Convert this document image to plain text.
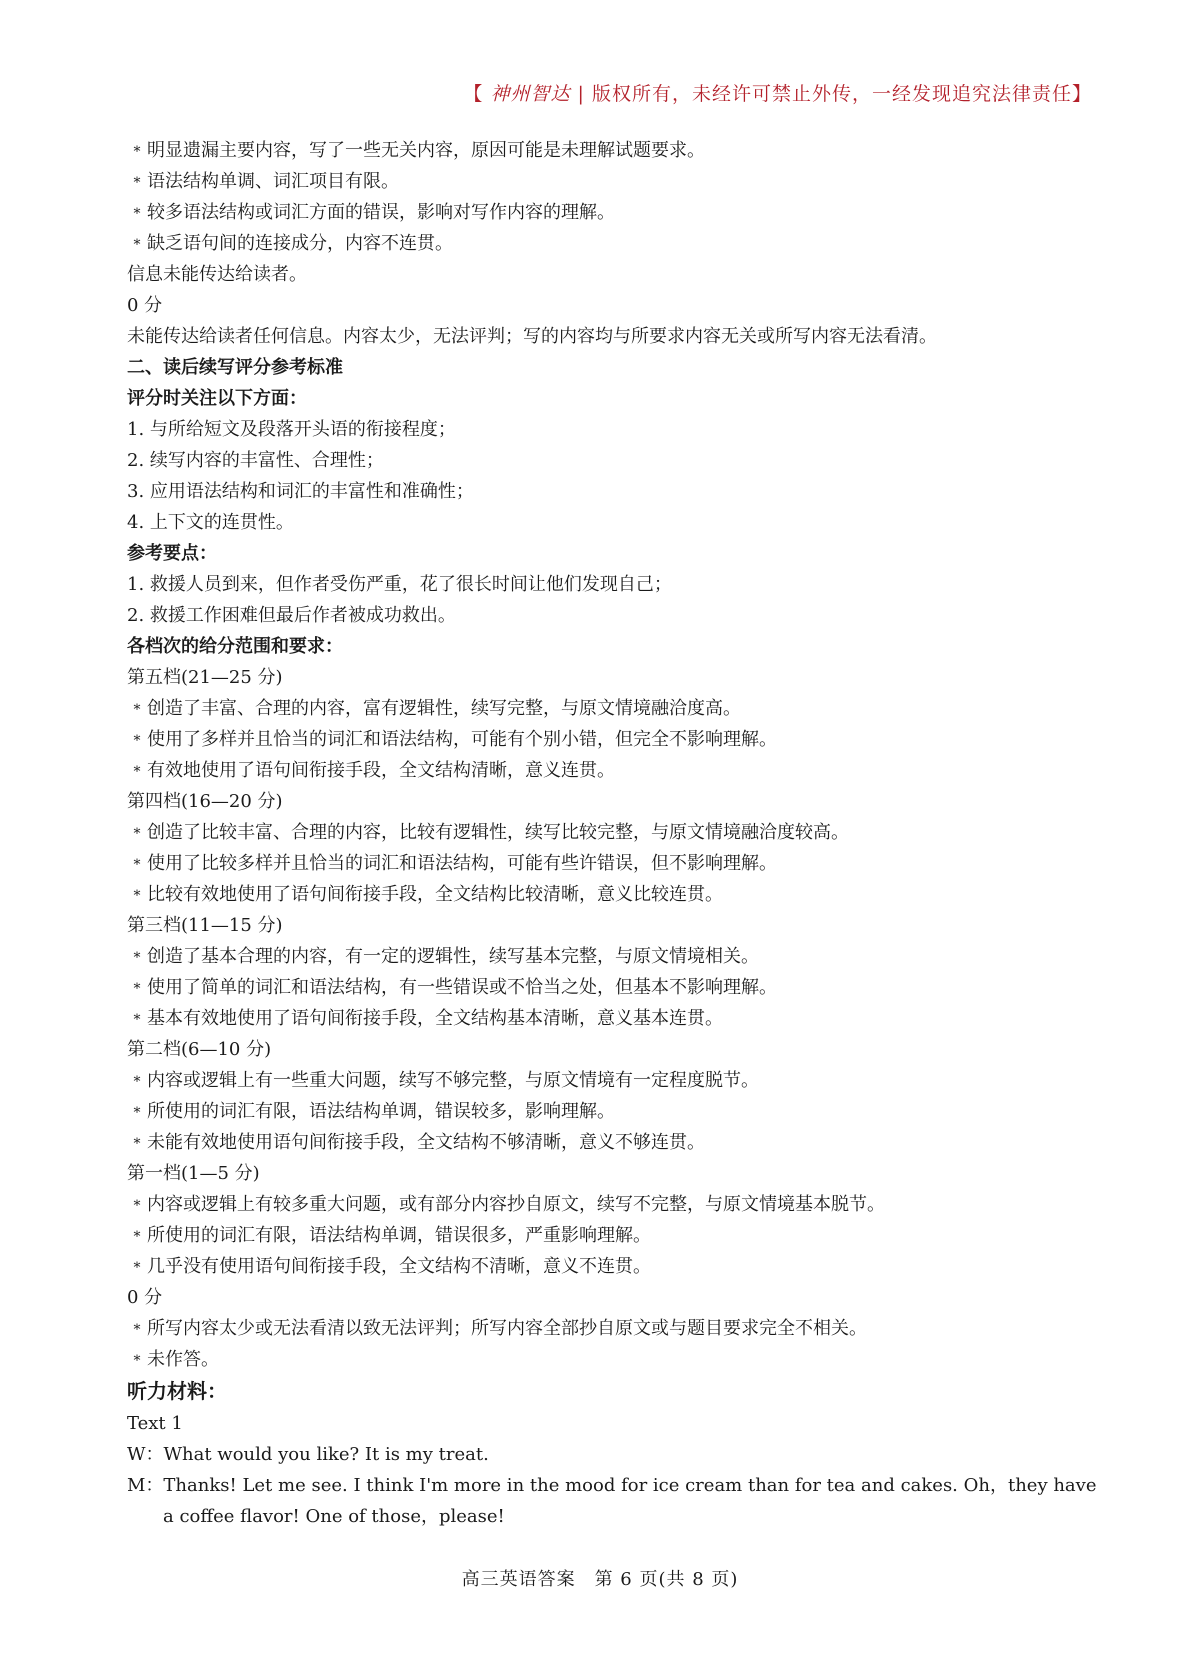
【 神州智达 | 版权所有，未经许可禁止外传，一经发现追究法律责任】
* 明显遗漏主要内容，写了一些无关内容，原因可能是未理解试题要求。
* 语法结构单调、词汇项目有限。
* 较多语法结构或词汇方面的错误，影响对写作内容的理解。
* 缺乏语句间的连接成分，内容不连贯。
信息未能传达给读者。
0 分
未能传达给读者任何信息。内容太少，无法评判；写的内容均与所要求内容无关或所写内容无法看清。
二、读后续写评分参考标准
评分时关注以下方面：
1. 与所给短文及段落开头语的衔接程度；
2. 续写内容的丰富性、合理性；
3. 应用语法结构和词汇的丰富性和准确性；
4. 上下文的连贯性。
参考要点：
1. 救援人员到来，但作者受伤严重，花了很长时间让他们发现自己；
2. 救援工作困难但最后作者被成功救出。
各档次的给分范围和要求：
第五档(21—25 分)
* 创造了丰富、合理的内容，富有逻辑性，续写完整，与原文情境融洽度高。
* 使用了多样并且恰当的词汇和语法结构，可能有个别小错，但完全不影响理解。
* 有效地使用了语句间衔接手段，全文结构清晰，意义连贯。
第四档(16—20 分)
* 创造了比较丰富、合理的内容，比较有逻辑性，续写比较完整，与原文情境融洽度较高。
* 使用了比较多样并且恰当的词汇和语法结构，可能有些许错误，但不影响理解。
* 比较有效地使用了语句间衔接手段，全文结构比较清晰，意义比较连贯。
第三档(11—15 分)
* 创造了基本合理的内容，有一定的逻辑性，续写基本完整，与原文情境相关。
* 使用了简单的词汇和语法结构，有一些错误或不恰当之处，但基本不影响理解。
* 基本有效地使用了语句间衔接手段，全文结构基本清晰，意义基本连贯。
第二档(6—10 分)
* 内容或逻辑上有一些重大问题，续写不够完整，与原文情境有一定程度脱节。
* 所使用的词汇有限，语法结构单调，错误较多，影响理解。
* 未能有效地使用语句间衔接手段，全文结构不够清晰，意义不够连贯。
第一档(1—5 分)
* 内容或逻辑上有较多重大问题，或有部分内容抄自原文，续写不完整，与原文情境基本脱节。
* 所使用的词汇有限，语法结构单调，错误很多，严重影响理解。
* 几乎没有使用语句间衔接手段，全文结构不清晰，意义不连贯。
0 分
* 所写内容太少或无法看清以致无法评判；所写内容全部抄自原文或与题目要求完全不相关。
* 未作答。
听力材料：
Text 1
W：What would you like? It is my treat.
M：Thanks! Let me see. I think I'm more in the mood for ice cream than for tea and cakes. Oh，they have
a coffee flavor! One of those，please!
高三英语答案　第 6 页(共 8 页)
